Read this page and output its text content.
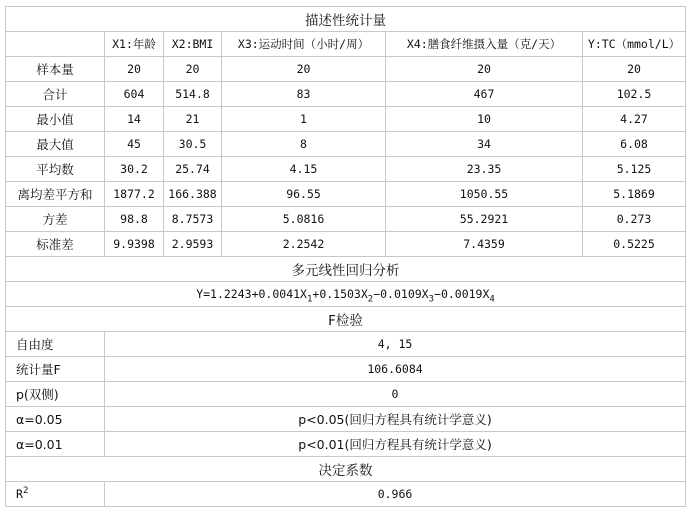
描述性统计量					
	X1:年龄	X2:BMI	X3:运动时间（小时/周）	X4:膳食纤维摄入量（克/天）	Y:TC（mmol/L）
样本量	20	20	20	20	20
合计	604	514.8	83	467	102.5
最小值	14	21	1	10	4.27
最大值	45	30.5	8	34	6.08
平均数	30.2	25.74	4.15	23.35	5.125
离均差平方和	1877.2	166.388	96.55	1050.55	5.1869
方差	98.8	8.7573	5.0816	55.2921	0.273
标准差	9.9398	2.9593	2.2542	7.4359	0.5225
多元线性回归分析					
$Y=1.2243+0.0041X_1+0.1503X_2-0.0109X_3-0.0019X_4$
F检验					
自由度	4, 15				
统计量F	106.6084				
p(双侧)	0				
α=0.05	p<0.05(回归方程具有统计学意义)				
α=0.01	p<0.01(回归方程具有统计学意义)				
决定系数					
$R^2$	0.966				
